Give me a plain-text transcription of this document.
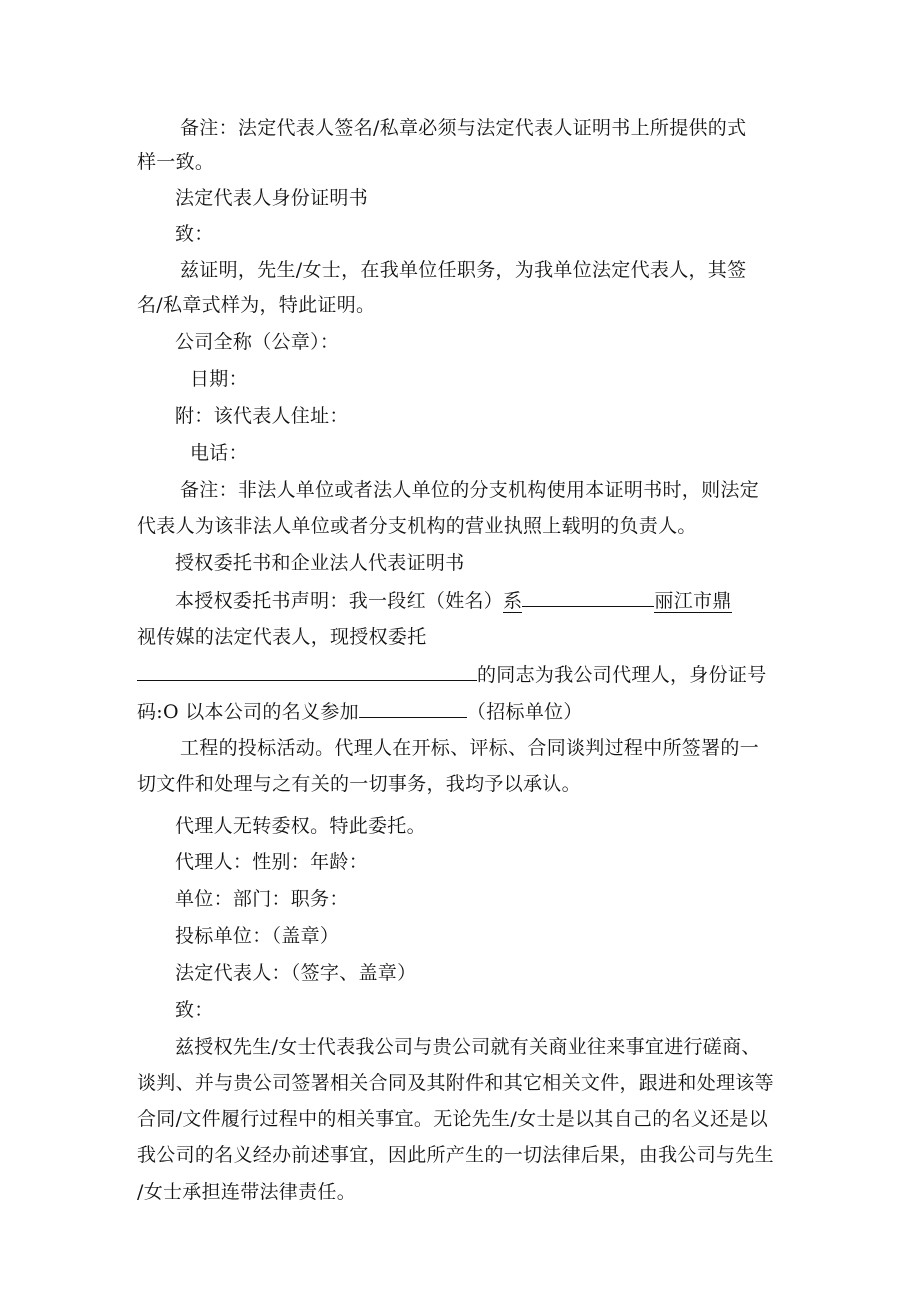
备注：法定代表人签名/私章必须与法定代表人证明书上所提供的式
样一致。
法定代表人身份证明书
致：
兹证明，先生/女士，在我单位任职务，为我单位法定代表人，其签
名/私章式样为，特此证明。
公司全称（公章）：
日期：
附：该代表人住址：
电话：
备注：非法人单位或者法人单位的分支机构使用本证明书时，则法定
代表人为该非法人单位或者分支机构的营业执照上载明的负责人。
授权委托书和企业法人代表证明书
本授权委托书声明：我一段红（姓名）系	丽江市鼎
视传媒的法定代表人，现授权委托
的同志为我公司代理人，身份证号
码:O 以本公司的名义参加	（招标单位）
工程的投标活动。代理人在开标、评标、合同谈判过程中所签署的一
切文件和处理与之有关的一切事务，我均予以承认。
代理人无转委权。特此委托。
代理人：性别：年龄：
单位：部门：职务：
投标单位：（盖章）
法定代表人：（签字、盖章）
致：
兹授权先生/女士代表我公司与贵公司就有关商业往来事宜进行磋商、
谈判、并与贵公司签署相关合同及其附件和其它相关文件，跟进和处理该等
合同/文件履行过程中的相关事宜。无论先生/女士是以其自己的名义还是以
我公司的名义经办前述事宜，因此所产生的一切法律后果，由我公司与先生
/女士承担连带法律责任。
